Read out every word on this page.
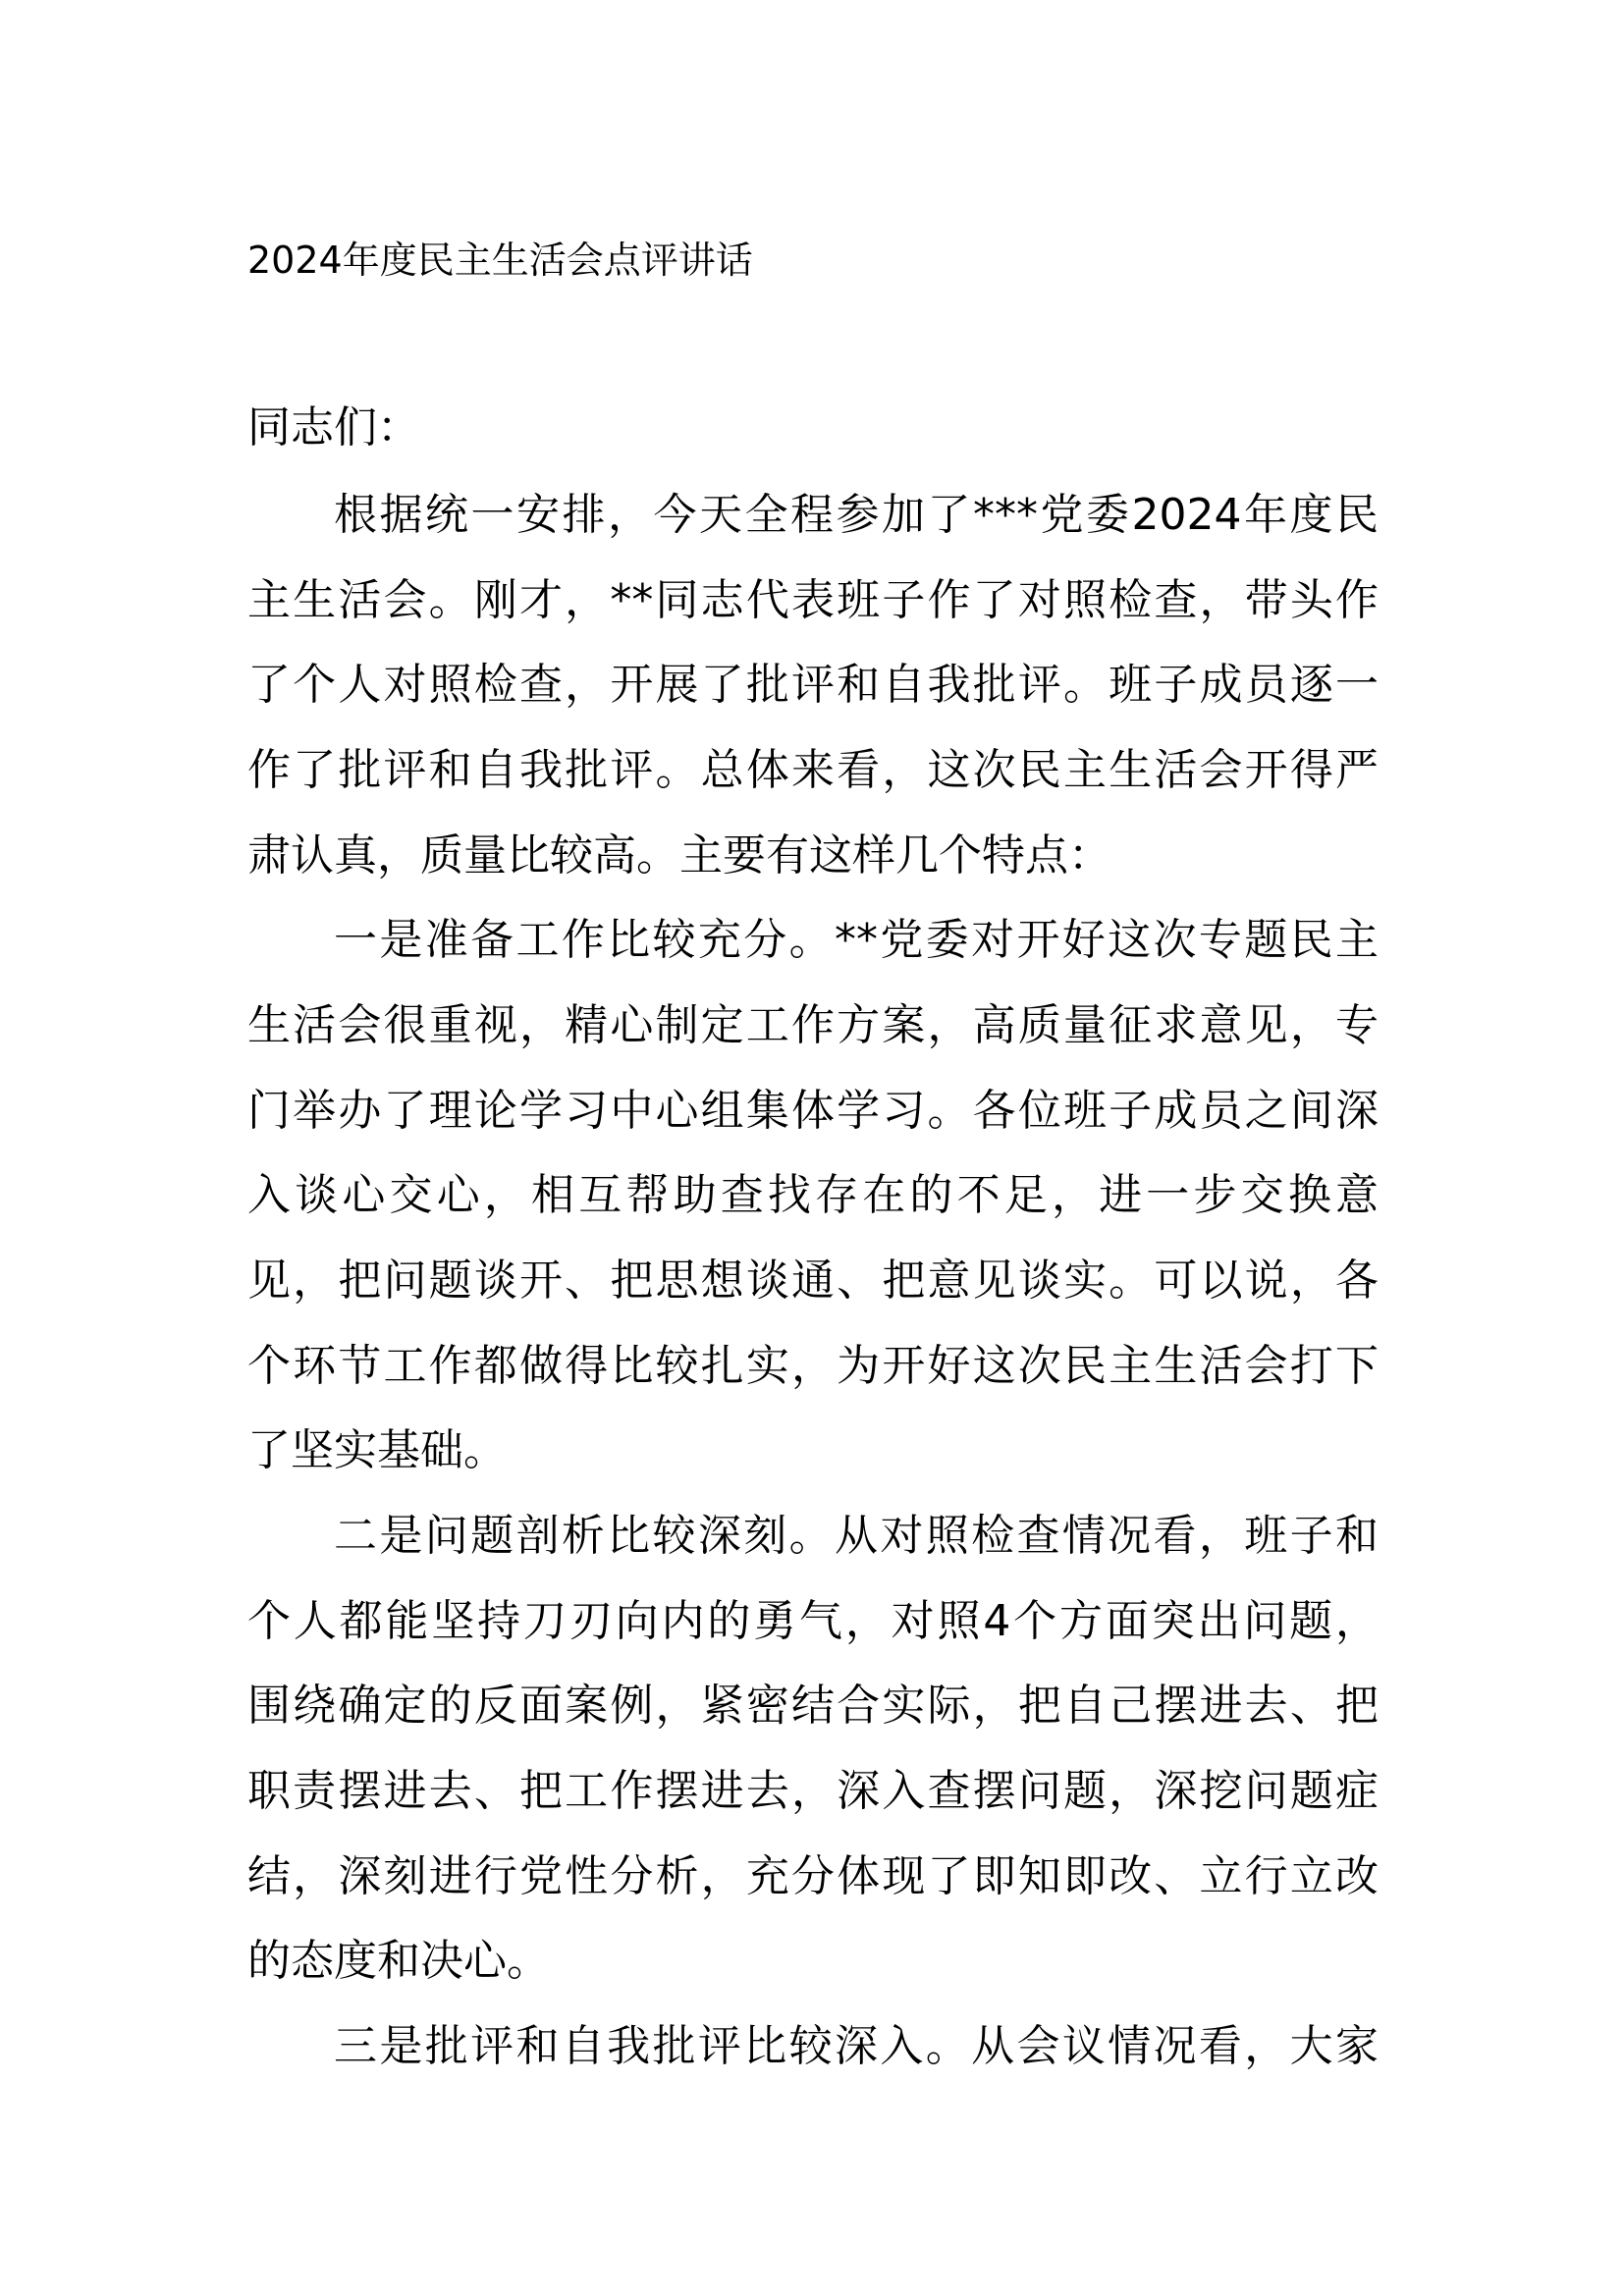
2024年度民主生活会点评讲话
同志们：
根据统一安排，今天全程参加了***党委2024年度民
主生活会。刚才，**同志代表班子作了对照检查，带头作
了个人对照检查，开展了批评和自我批评。班子成员逐一
作了批评和自我批评。总体来看，这次民主生活会开得严
肃认真，质量比较高。主要有这样几个特点：
一是准备工作比较充分。**党委对开好这次专题民主
生活会很重视，精心制定工作方案，高质量征求意见，专
门举办了理论学习中心组集体学习。各位班子成员之间深
入谈心交心，相互帮助查找存在的不足，进一步交换意
见，把问题谈开、把思想谈通、把意见谈实。可以说，各
个环节工作都做得比较扎实，为开好这次民主生活会打下
了坚实基础。
二是问题剖析比较深刻。从对照检查情况看，班子和
个人都能坚持刀刃向内的勇气，对照4个方面突出问题，
围绕确定的反面案例，紧密结合实际，把自己摆进去、把
职责摆进去、把工作摆进去，深入查摆问题，深挖问题症
结，深刻进行党性分析，充分体现了即知即改、立行立改
的态度和决心。
三是批评和自我批评比较深入。从会议情况看，大家
